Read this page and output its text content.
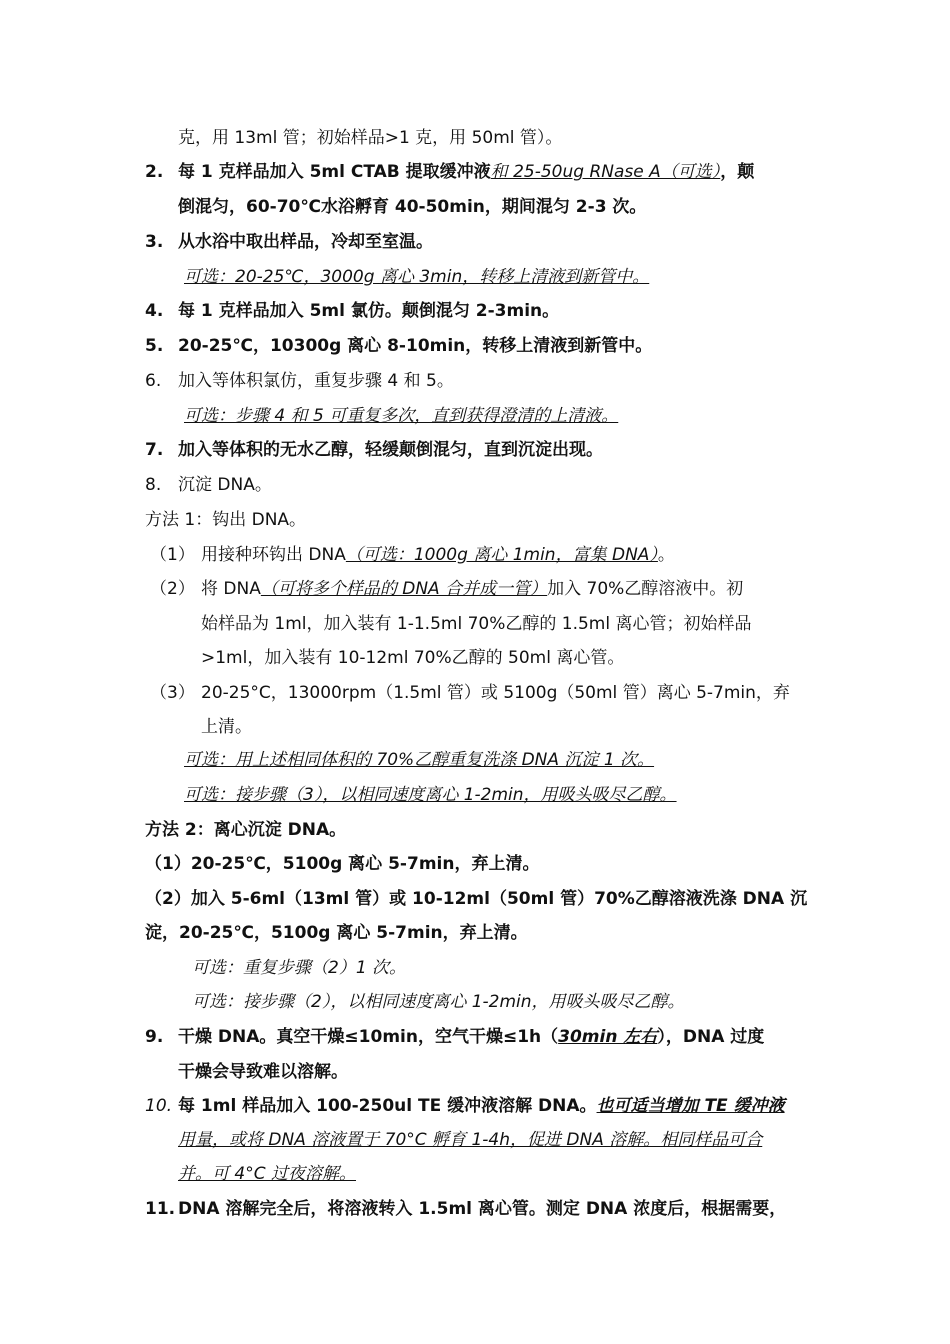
克，用 13ml 管；初始样品>1 克，用 50ml 管）。
2. 每 1 克样品加入 5ml CTAB 提取缓冲液和 25-50ug RNase A（可选），颠
倒混匀，60-70℃水浴孵育 40-50min，期间混匀 2-3 次。
3. 从水浴中取出样品，冷却至室温。
可选：20-25℃，3000g 离心 3min，转移上清液到新管中。
4. 每 1 克样品加入 5ml 氯仿。颠倒混匀 2-3min。
5. 20-25℃，10300g 离心 8-10min，转移上清液到新管中。
6. 加入等体积氯仿，重复步骤 4 和 5。
可选：步骤 4 和 5 可重复多次，直到获得澄清的上清液。
7. 加入等体积的无水乙醇，轻缓颠倒混匀，直到沉淀出现。
8. 沉淀 DNA。
方法 1：钩出 DNA。
（1） 用接种环钩出 DNA（可选：1000g 离心 1min，富集 DNA）。
（2） 将 DNA（可将多个样品的 DNA 合并成一管）加入 70%乙醇溶液中。初
始样品为 1ml，加入装有 1-1.5ml 70%乙醇的 1.5ml 离心管；初始样品
>1ml，加入装有 10-12ml 70%乙醇的 50ml 离心管。
（3） 20-25°C，13000rpm（1.5ml 管）或 5100g（50ml 管）离心 5-7min，弃
上清。
可选：用上述相同体积的 70%乙醇重复洗涤 DNA 沉淀 1 次。
可选：接步骤（3），以相同速度离心 1-2min，用吸头吸尽乙醇。
方法 2：离心沉淀 DNA。
（1）20-25℃，5100g 离心 5-7min，弃上清。
（2）加入 5-6ml（13ml 管）或 10-12ml（50ml 管）70%乙醇溶液洗涤 DNA 沉
淀，20-25℃，5100g 离心 5-7min，弃上清。
可选：重复步骤（2）1 次。
可选：接步骤（2），以相同速度离心 1-2min，用吸头吸尽乙醇。
9. 干燥 DNA。真空干燥≤10min，空气干燥≤1h（30min 左右），DNA 过度
干燥会导致难以溶解。
10. 每 1ml 样品加入 100-250ul TE 缓冲液溶解 DNA。也可适当增加 TE 缓冲液
用量，或将 DNA 溶液置于 70°C 孵育 1-4h，促进 DNA 溶解。相同样品可合
并。可 4°C 过夜溶解。
11. DNA 溶解完全后，将溶液转入 1.5ml 离心管。测定 DNA 浓度后，根据需要，
